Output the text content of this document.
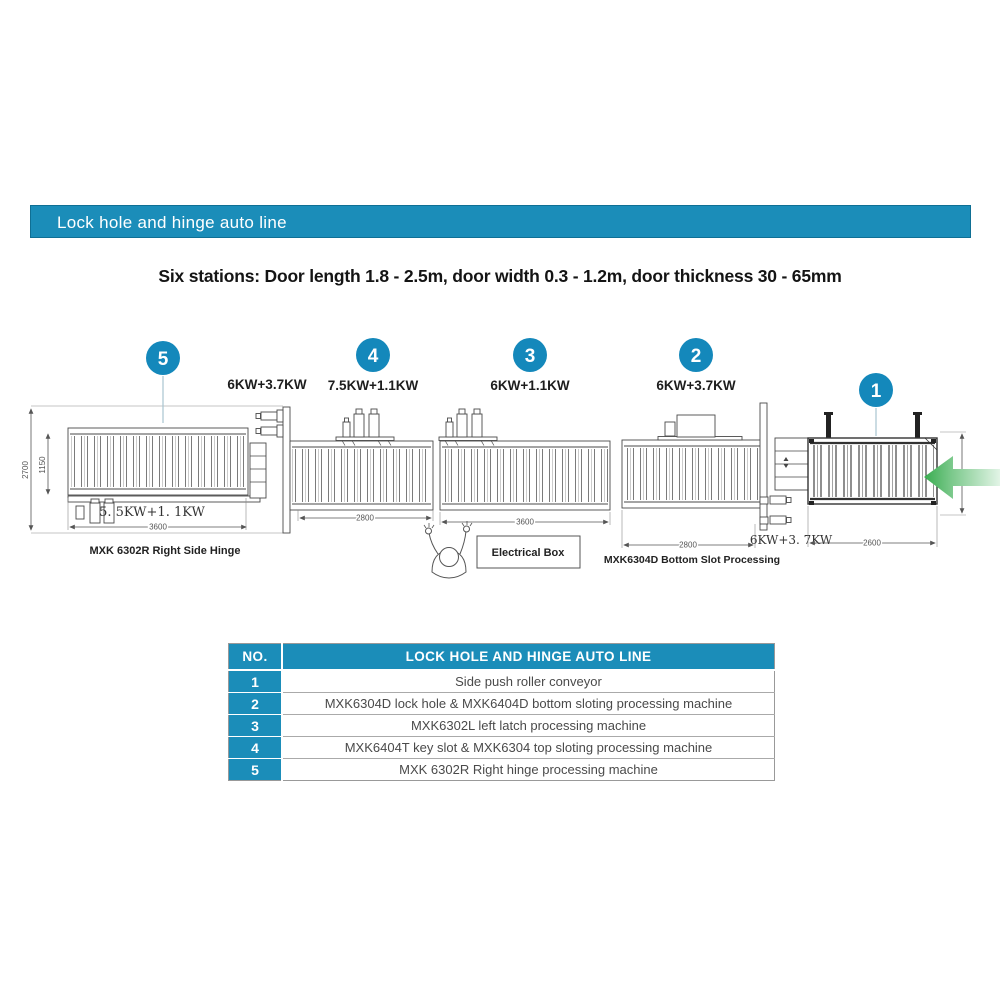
Lock hole and hinge auto line
Six stations: Door length 1.8 - 2.5m, door width 0.3 - 1.2m, door thickness 30 - 65mm
2700 1150
3600
5. 5KW+1. 1KW
MXK 6302R Right Side Hinge
2800	3600
Electrical Box
2800	6KW+3. 7KW
MXK6304D Bottom Slot Processing
2600
5	4	3	2
1
6KW+3.7KW 7.5KW+1.1KW	6KW+1.1KW	6KW+3.7KW
NO.	LOCK HOLE AND HINGE AUTO LINE
1	Side push roller conveyor
2	MXK6304D lock hole & MXK6404D bottom sloting processing machine
3	MXK6302L left latch processing machine
4	MXK6404T key slot & MXK6304 top sloting processing machine
5	MXK 6302R Right hinge processing machine
